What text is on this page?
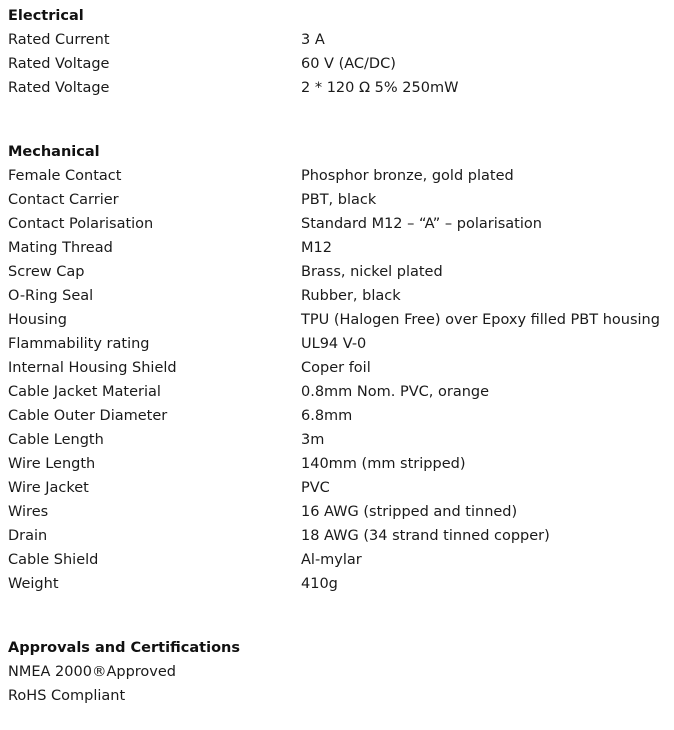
Electrical
Rated Current	3 A
Rated Voltage	60 V (AC/DC)
Rated Voltage	2 * 120 Ω 5% 250mW
Mechanical
Female Contact	Phosphor bronze, gold plated
Contact Carrier	PBT, black
Contact Polarisation	Standard M12 – “A” – polarisation
Mating Thread	M12
Screw Cap	Brass, nickel plated
O-Ring Seal	Rubber, black
Housing	TPU (Halogen Free) over Epoxy filled PBT housing
Flammability rating	UL94 V-0
Internal Housing Shield	Coper foil
Cable Jacket Material	0.8mm Nom. PVC, orange
Cable Outer Diameter	6.8mm
Cable Length	3m
Wire Length	140mm (mm stripped)
Wire Jacket	PVC
Wires	16 AWG (stripped and tinned)
Drain	18 AWG (34 strand tinned copper)
Cable Shield	Al-mylar
Weight	410g
Approvals and Certifications
NMEA 2000®Approved
RoHS Compliant
